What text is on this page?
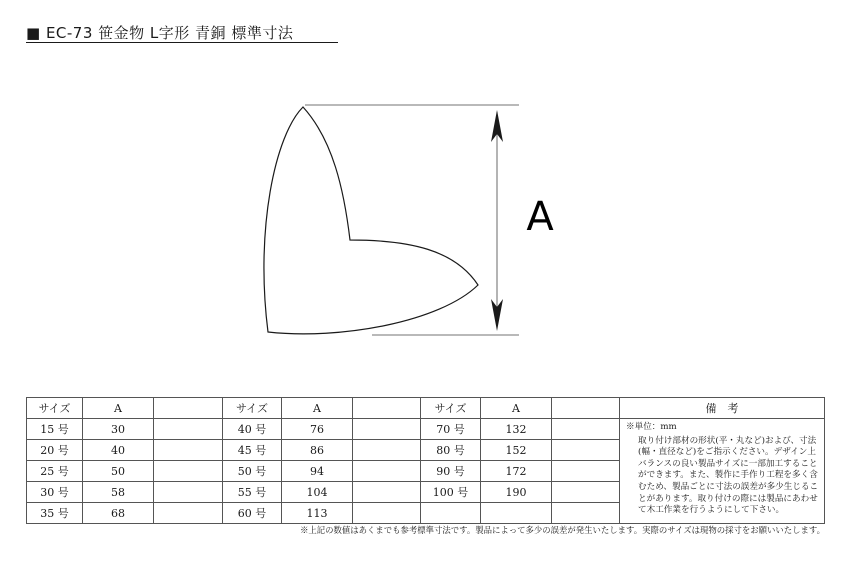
■ EC-73 笹金物 L字形 青銅 標準寸法
A
サイズ	A		サイズ	A		サイズ	A		備　考
15 号	30		40 号	76		70 号	132		※単位：mm
取り付け部材の形状(平・丸など)および、寸法(幅・直径など)をご指示ください。デザイン上バランスの良い製品サイズに一部加工することができます。また、製作に手作り工程を多く含むため、製品ごとに寸法の誤差が多少生じることがあります。取り付けの際には製品にあわせて木工作業を行うようにして下さい。

20 号	40		45 号	86		80 号	152		
25 号	50		50 号	94		90 号	172		
30 号	58		55 号	104		100 号	190		
35 号	68		60 号	113					
※上記の数値はあくまでも参考標準寸法です。製品によって多少の誤差が発生いたします。実際のサイズは現物の採寸をお願いいたします。
